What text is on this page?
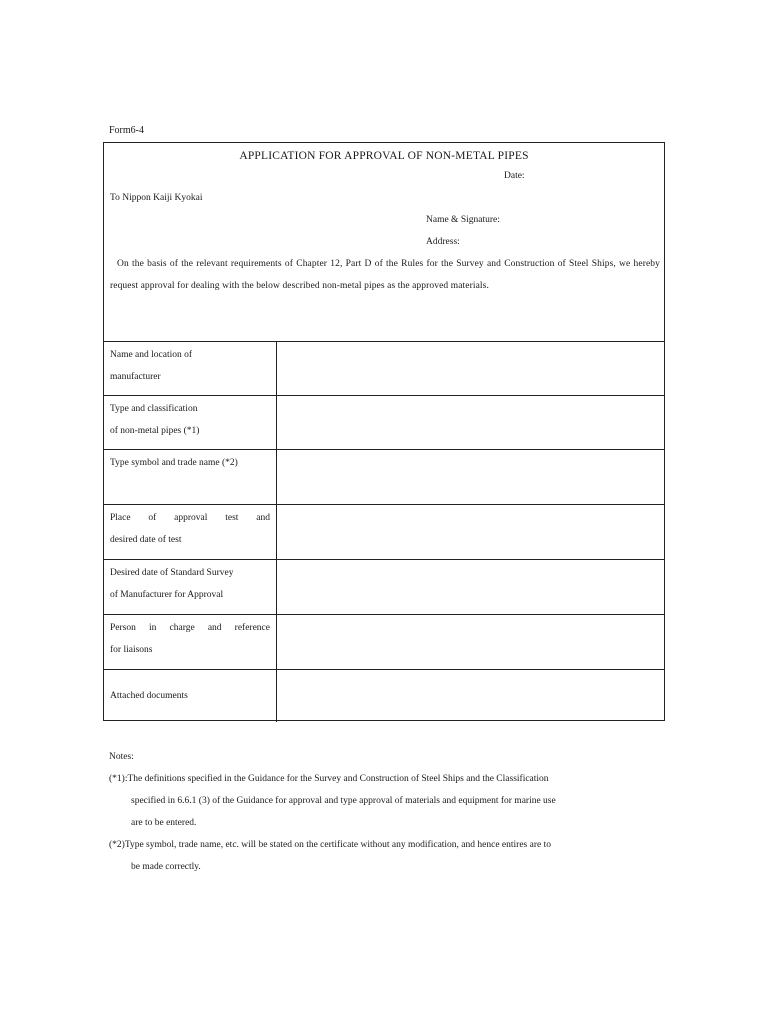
Form6-4
APPLICATION FOR APPROVAL OF NON-METAL PIPES
Date:
To Nippon Kaiji Kyokai
Name & Signature:
Address:
On the basis of the relevant requirements of Chapter 12, Part D of the Rules for the Survey and Construction of Steel Ships, we hereby request approval for dealing with the below described non-metal pipes as the approved materials.
Name and location of
manufacturer
Type and classification
of non-metal pipes (*1)
Type symbol and trade name (*2)
Place of approval test and
desired date of test
Desired date of Standard Survey
of Manufacturer for Approval
Person in charge and reference
for liaisons
Attached documents
Notes:
(*1): The definitions specified in the Guidance for the Survey and Construction of Steel Ships and the Classification
specified in 6.6.1 (3) of the Guidance for approval and type approval of materials and equipment for marine use
are to be entered.
(*2) Type symbol, trade name, etc. will be stated on the certificate without any modification, and hence entires are to
be made correctly.
